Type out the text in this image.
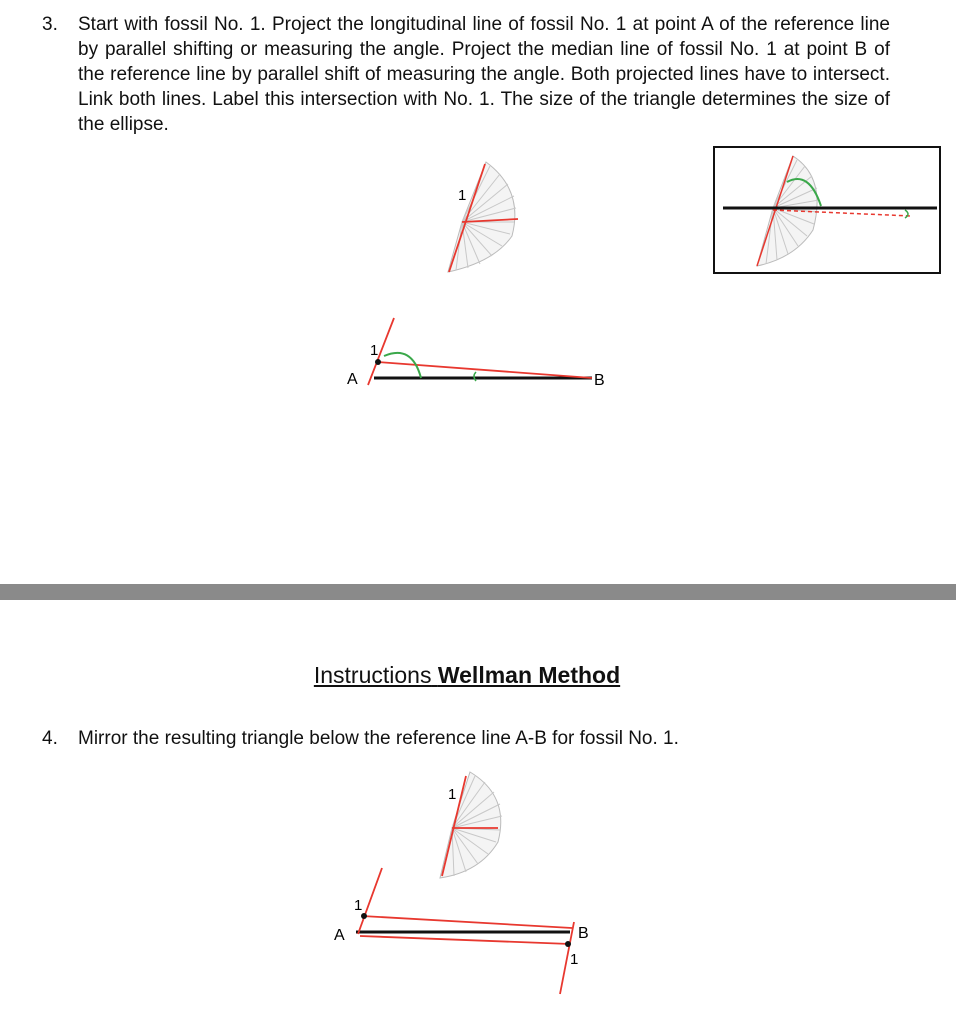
3. Start with fossil No. 1. Project the longitudinal line of fossil No. 1 at point A of the reference line by parallel shifting or measuring the angle. Project the median line of fossil No. 1 at point B of the reference line by parallel shift of measuring the angle. Both projected lines have to intersect. Link both lines. Label this intersection with No. 1. The size of the triangle determines the size of the ellipse.
1
1
A	B
Instructions Wellman Method
4. Mirror the resulting triangle below the reference line A-B for fossil No. 1.
1
1
1
A	B
